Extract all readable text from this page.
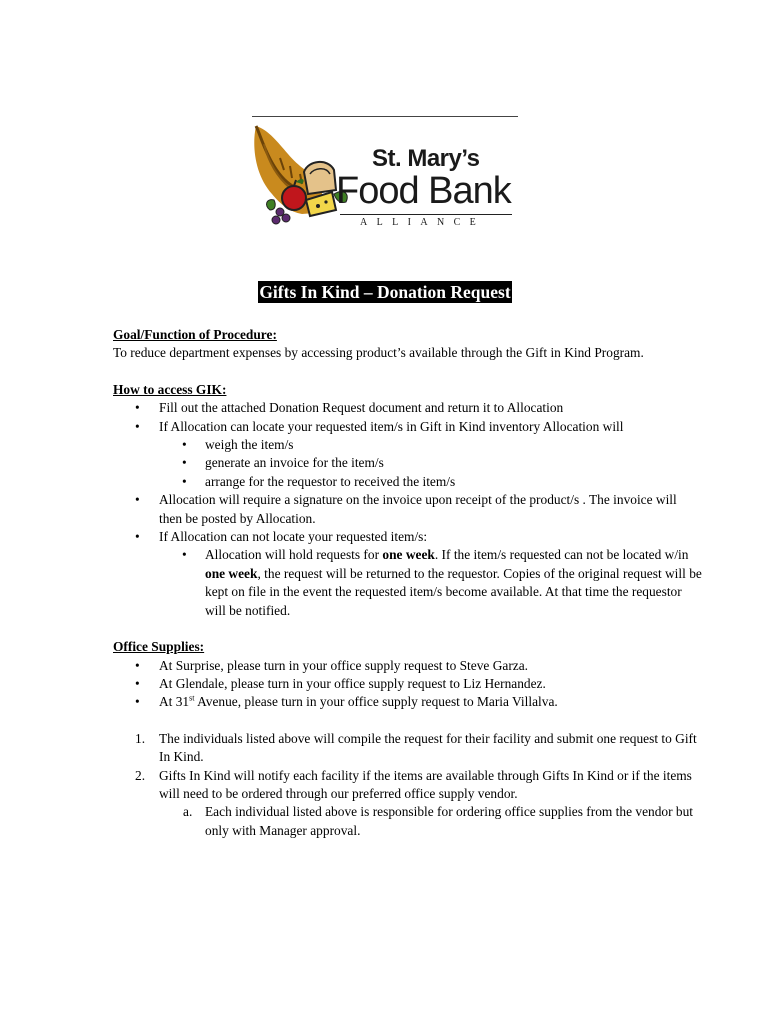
St. Mary’s
Food Bank
ALLIANCE
Gifts In Kind – Donation Request

Goal/Function of Procedure:

To reduce department expenses by accessing product’s available through the Gift in Kind Program.

How to access GIK:

• Fill out the attached Donation Request document and return it to Allocation
• If Allocation can locate your requested item/s in Gift in Kind inventory Allocation will
• weigh the item/s
• generate an invoice for the item/s
• arrange for the requestor to received the item/s
• Allocation will require a signature on the invoice upon receipt of the product/s . The invoice will then be posted by Allocation.
• If Allocation can not locate your requested item/s:
• Allocation will hold requests for one week. If the item/s requested can not be located w/in one week, the request will be returned to the requestor. Copies of the original request will be kept on file in the event the requested item/s become available. At that time the requestor will be notified.

Office Supplies:

• At Surprise, please turn in your office supply request to Steve Garza.
• At Glendale, please turn in your office supply request to Liz Hernandez.
• At 31st Avenue, please turn in your office supply request to Maria Villalva.
1. The individuals listed above will compile the request for their facility and submit one request to Gift In Kind.
2. Gifts In Kind will notify each facility if the items are available through Gifts In Kind or if the items will need to be ordered through our preferred office supply vendor.
a. Each individual listed above is responsible for ordering office supplies from the vendor but only with Manager approval.
